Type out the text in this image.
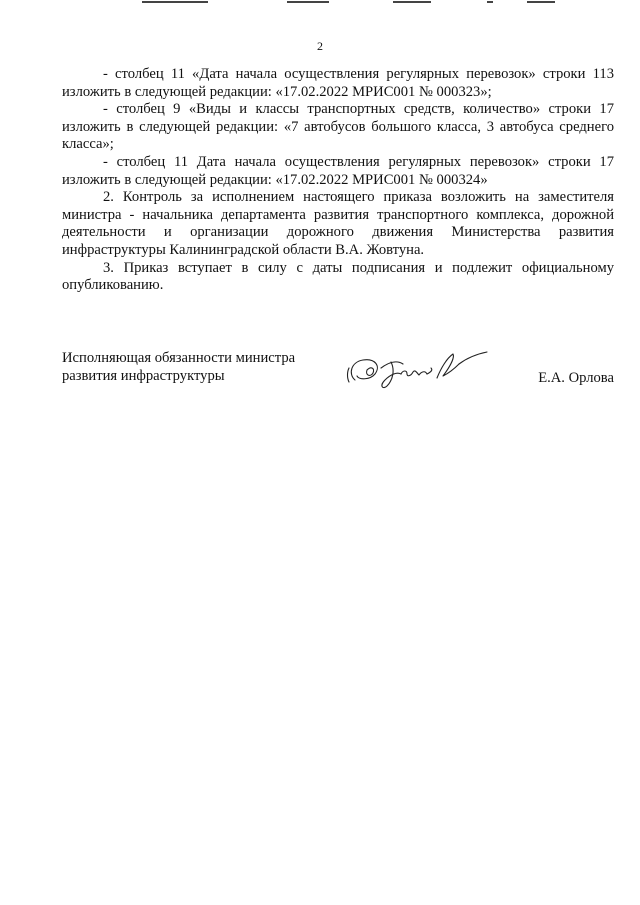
2

- столбец 11 «Дата начала осуществления регулярных перевозок» строки 113 изложить в следующей редакции: «17.02.2022 МРИС001 № 000323»;

- столбец 9 «Виды и классы транспортных средств, количество» строки 17 изложить в следующей редакции: «7 автобусов большого класса, 3 автобуса среднего класса»;

- столбец 11 Дата начала осуществления регулярных перевозок» строки 17 изложить в следующей редакции: «17.02.2022 МРИС001 № 000324»

2. Контроль за исполнением настоящего приказа возложить на заместителя министра - начальника департамента развития транспортного комплекса, дорожной деятельности и организации дорожного движения Министерства развития инфраструктуры Калининградской области В.А. Жовтуна.

3. Приказ вступает в силу с даты подписания и подлежит официальному опубликованию.

Исполняющая обязанности министра
развития инфраструктуры	Е.А. Орлова
